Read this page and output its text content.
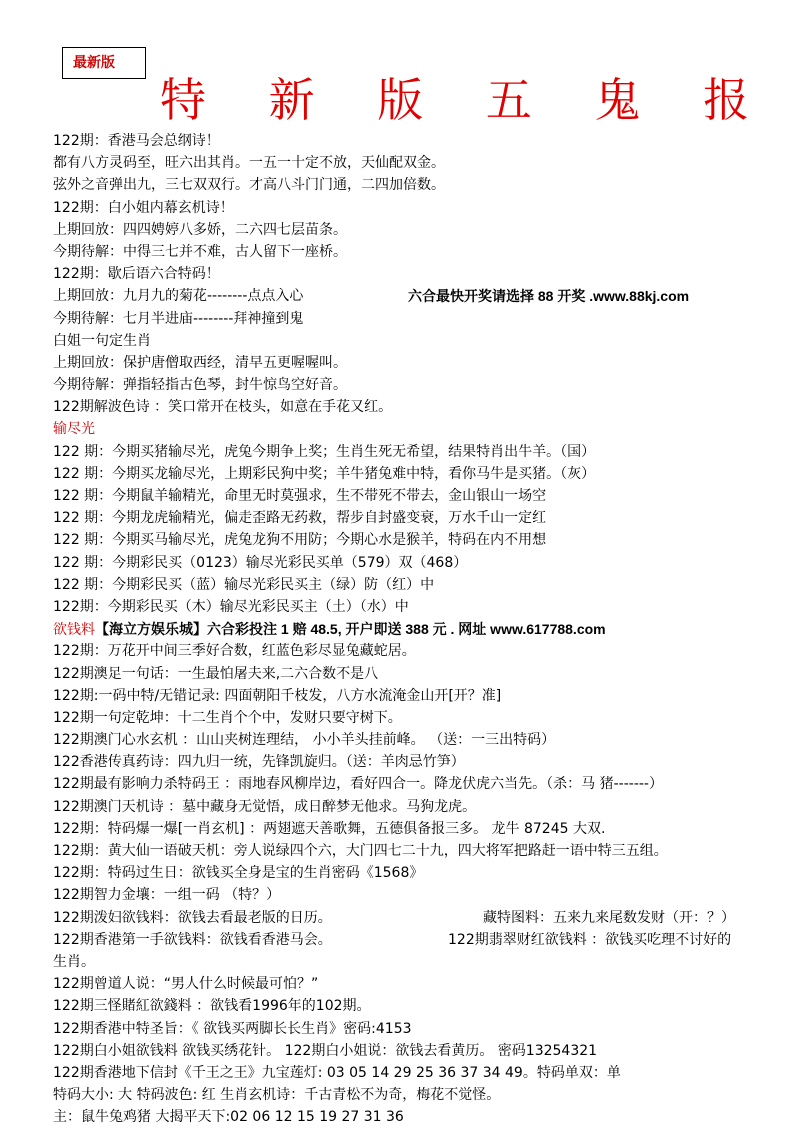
最新版
特 新 版 五 鬼 报
122期：香港马会总纲诗！
都有八方灵码至，旺六出其肖。一五一十定不放，天仙配双金。
弦外之音弹出九，三七双双行。才高八斗门门通，二四加倍数。
122期：白小姐内幕玄机诗！
上期回放：四四娉婷八多娇，二六四七层苗条。
今期待解：中得三七并不难，古人留下一座桥。
122期：歇后语六合特码！
上期回放：九月九的菊花--------点点入心	六合最快开奖请选择 88 开奖 .www.88kj.com
今期待解：七月半进庙--------拜神撞到鬼
白姐一句定生肖
上期回放：保护唐僧取西经，清早五更喔喔叫。
今期待解：弹指轻指古色琴，封牛惊鸟空好音。
122期解波色诗 ：笑口常开在枝头，如意在手花又红。
输尽光
122 期：今期买猪输尽光，虎兔今期争上奖；生肖生死无希望，结果特肖出牛羊。（国）
122 期：今期买龙输尽光，上期彩民狗中奖；羊牛猪兔难中特，看你马牛是买猪。（灰）
122 期：今期鼠羊输精光，命里无时莫强求，生不带死不带去，金山银山一场空
122 期：今期龙虎输精光，偏走歪路无药救，帮步自封盛变衰，万水千山一定红
122 期：今期买马输尽光，虎兔龙狗不用防；今期心水是猴羊，特码在内不用想
122 期：今期彩民买（0123）输尽光彩民买单（579）双（468）
122 期：今期彩民买（蓝）输尽光彩民买主（绿）防（红）中
122期：今期彩民买（木）输尽光彩民买主（土）（水）中
欲钱料【海立方娱乐城】六合彩投注 1 赔 48.5, 开户即送 388 元 . 网址 www.617788.com
122期：万花开中间三季好合数，红蓝色彩尽显兔藏蛇居。
122期澳足一句话：一生最怕屠夫来,二六合数不是八
122期:一码中特/无错记录: 四面朝阳千枝发，八方水流淹金山开[开？准]
122期一句定乾坤：十二生肖个个中，发财只要守树下。
122期澳门心水玄机 ：山山夹树连理结， 小小羊头挂前峰。 （送：一三出特码）
122香港传真药诗：四九归一统，先锋凯旋归。（送：羊肉忌竹笋）
122期最有影响力杀特码王 ：雨地春风柳岸边，看好四合一。降龙伏虎六当先。（杀：马 猪-------）
122期澳门天机诗 ：墓中藏身无觉悟，成日醉梦无他求。马狗龙虎。
122期：特码爆一爆[一肖玄机] ：两翅遮天善歌舞，五德俱备报三多。 龙牛 87245 大双.
122期：黄大仙一语破天机：旁人说绿四个六，大门四七二十九，四大将军把路赶一语中特三五组。
122期：特码过生日：欲钱买全身是宝的生肖密码《1568》
122期智力金壤：一组一码 （特？）
122期泼妇欲钱料：欲钱去看最老版的日历。	藏特图料：五来九来尾数发财（开：？）
122期香港第一手欲钱料：欲钱看香港马会。	122期翡翠财红欲钱料 ：欲钱买吃理不讨好的
生肖。
122期曾道人说：“男人什么时候最可怕？”
122期三怪賭紅欲錢料 ：欲钱看1996年的102期。
122期香港中特圣旨：《 欲钱买两脚长长生肖》密码:4153
122期白小姐欲钱料 欲钱买绣花针。 122期白小姐说：欲钱去看黄历。 密码13254321
122期香港地下信封《千王之王》九宝莲灯: 03 05 14 29 25 36 37 34 49。特码单双：单
特码大小: 大 特码波色: 红 生肖玄机诗：千古青松不为奇，梅花不觉怪。
主：鼠牛兔鸡猪 大揭平天下:02 06 12 15 19 27 31 36
